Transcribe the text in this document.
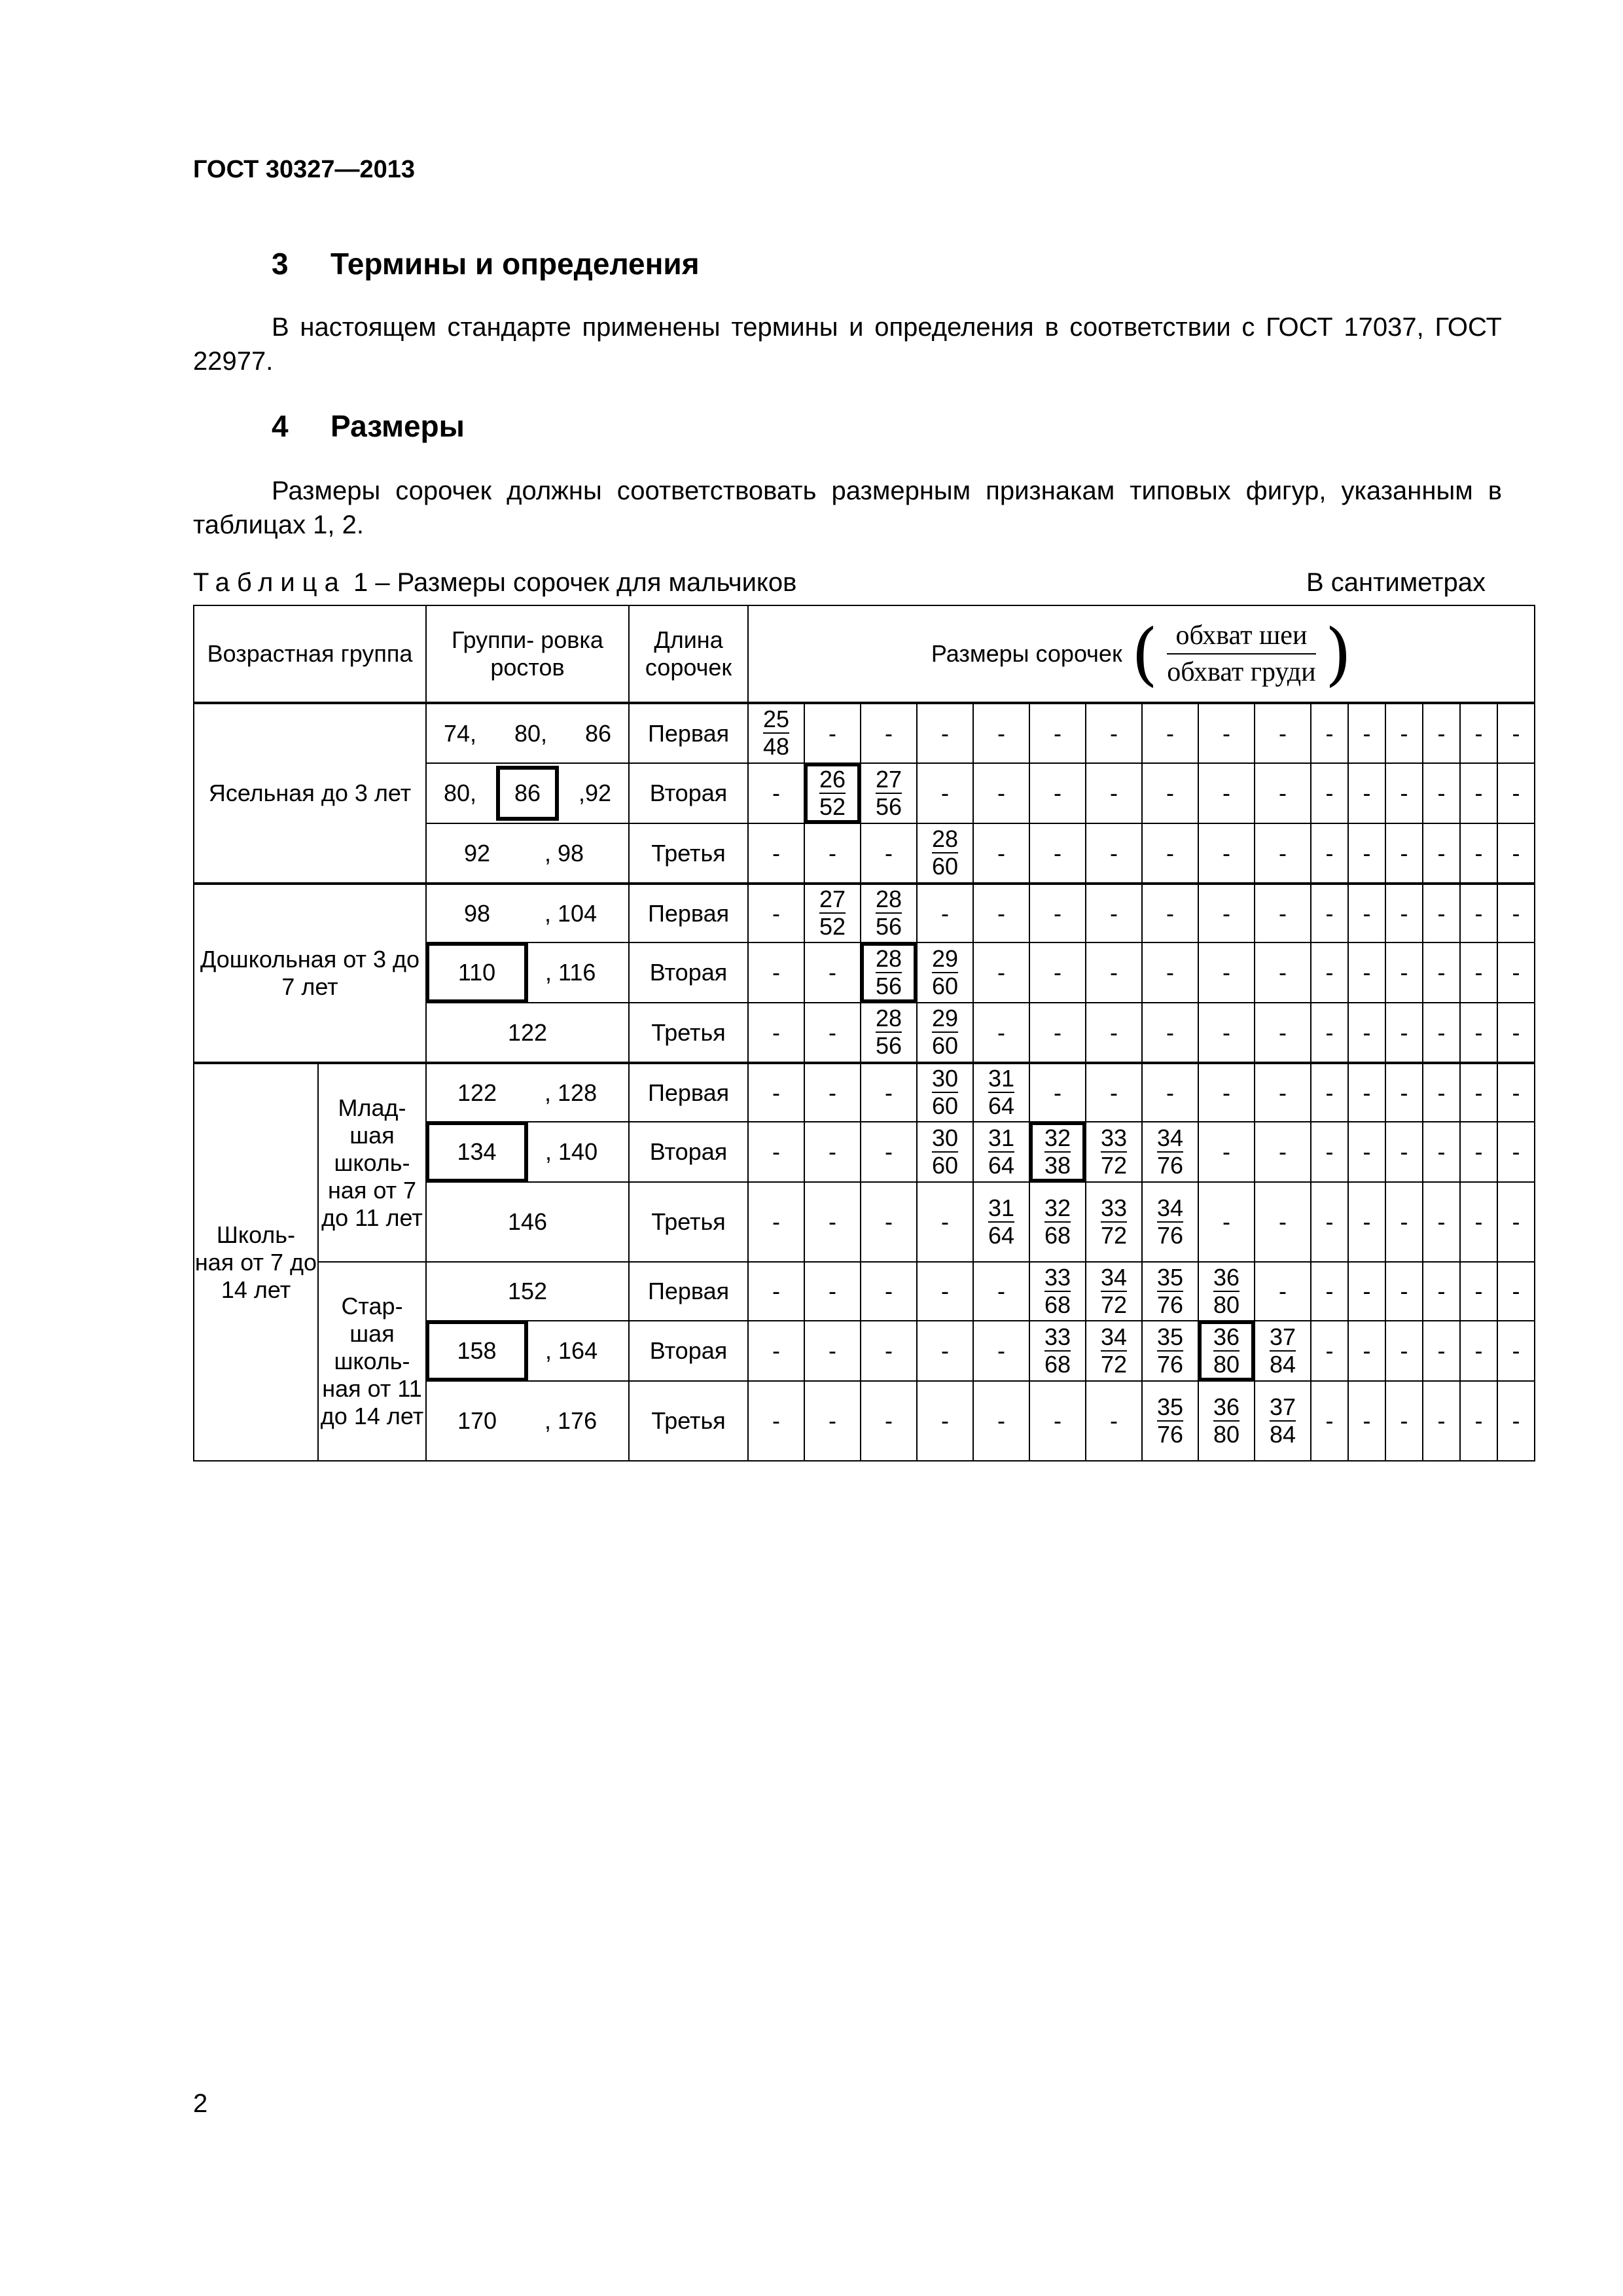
ГОСТ 30327—2013
3 Термины и определения
В настоящем стандарте применены термины и определения в соответствии с ГОСТ 17037, ГОСТ 22977.
4 Размеры
Размеры сорочек должны соответствовать размерным признакам типовых фигур, указанным в таблицах 1, 2.
Таблица 1 – Размеры сорочек для мальчиков	В сантиметрах
Возрастная группа		Группи- ровка ростов		Длина сорочек	Размеры сорочек ( обхват шеи
обхват груди )															

Ясельная до 3 лет		74, 80, 86		Первая	$\frac{25}{48}$	-	-	-	-	-	-	-	-	-	-	-	-	-	-	-

		80, 86 ,92		Вторая	-	$\frac{26}{52}$	$\frac{27}{56}$	-	-	-	-	-	-	-	-	-	-	-	-	-
		92	, 98	Третья	-	-	-	$\frac{28}{60}$	-	-	-	-	-	-	-	-	-	-	-	-
Дошкольная от 3 до 7 лет		98	, 104	Первая	-	$\frac{27}{52}$	$\frac{28}{56}$	-	-	-	-	-	-	-	-	-	-	-	-	-
		110	, 116	Вторая	-	-	$\frac{28}{56}$	$\frac{29}{60}$	-	-	-	-	-	-	-	-	-	-	-	-
		122		Третья	-	-	$\frac{28}{56}$	$\frac{29}{60}$	-	-	-	-	-	-	-	-	-	-	-	-
Школь- ная от 7 до 14 лет	Млад- шая школь- ная от 7 до 11 лет	122	, 128	Первая	-	-	-	$\frac{30}{60}$	$\frac{31}{64}$	-	-	-	-	-	-	-	-	-	-	-
		134	, 140	Вторая	-	-	-	$\frac{30}{60}$	$\frac{31}{64}$	$\frac{32}{38}$	$\frac{33}{72}$	$\frac{34}{76}$	-	-	-	-	-	-	-	-
		146		Третья	-	-	-	-	$\frac{31}{64}$	$\frac{32}{68}$	$\frac{33}{72}$	$\frac{34}{76}$	-	-	-	-	-	-	-	-
	Стар- шая школь- ная от 11 до 14 лет	152		Первая	-	-	-	-	-	$\frac{33}{68}$	$\frac{34}{72}$	$\frac{35}{76}$	$\frac{36}{80}$	-	-	-	-	-	-	-
		158	, 164	Вторая	-	-	-	-	-	$\frac{33}{68}$	$\frac{34}{72}$	$\frac{35}{76}$	$\frac{36}{80}$	$\frac{37}{84}$	-	-	-	-	-	-
		170	, 176	Третья	-	-	-	-	-	-	-	$\frac{35}{76}$	$\frac{36}{80}$	$\frac{37}{84}$	-	-	-	-	-	-
2
